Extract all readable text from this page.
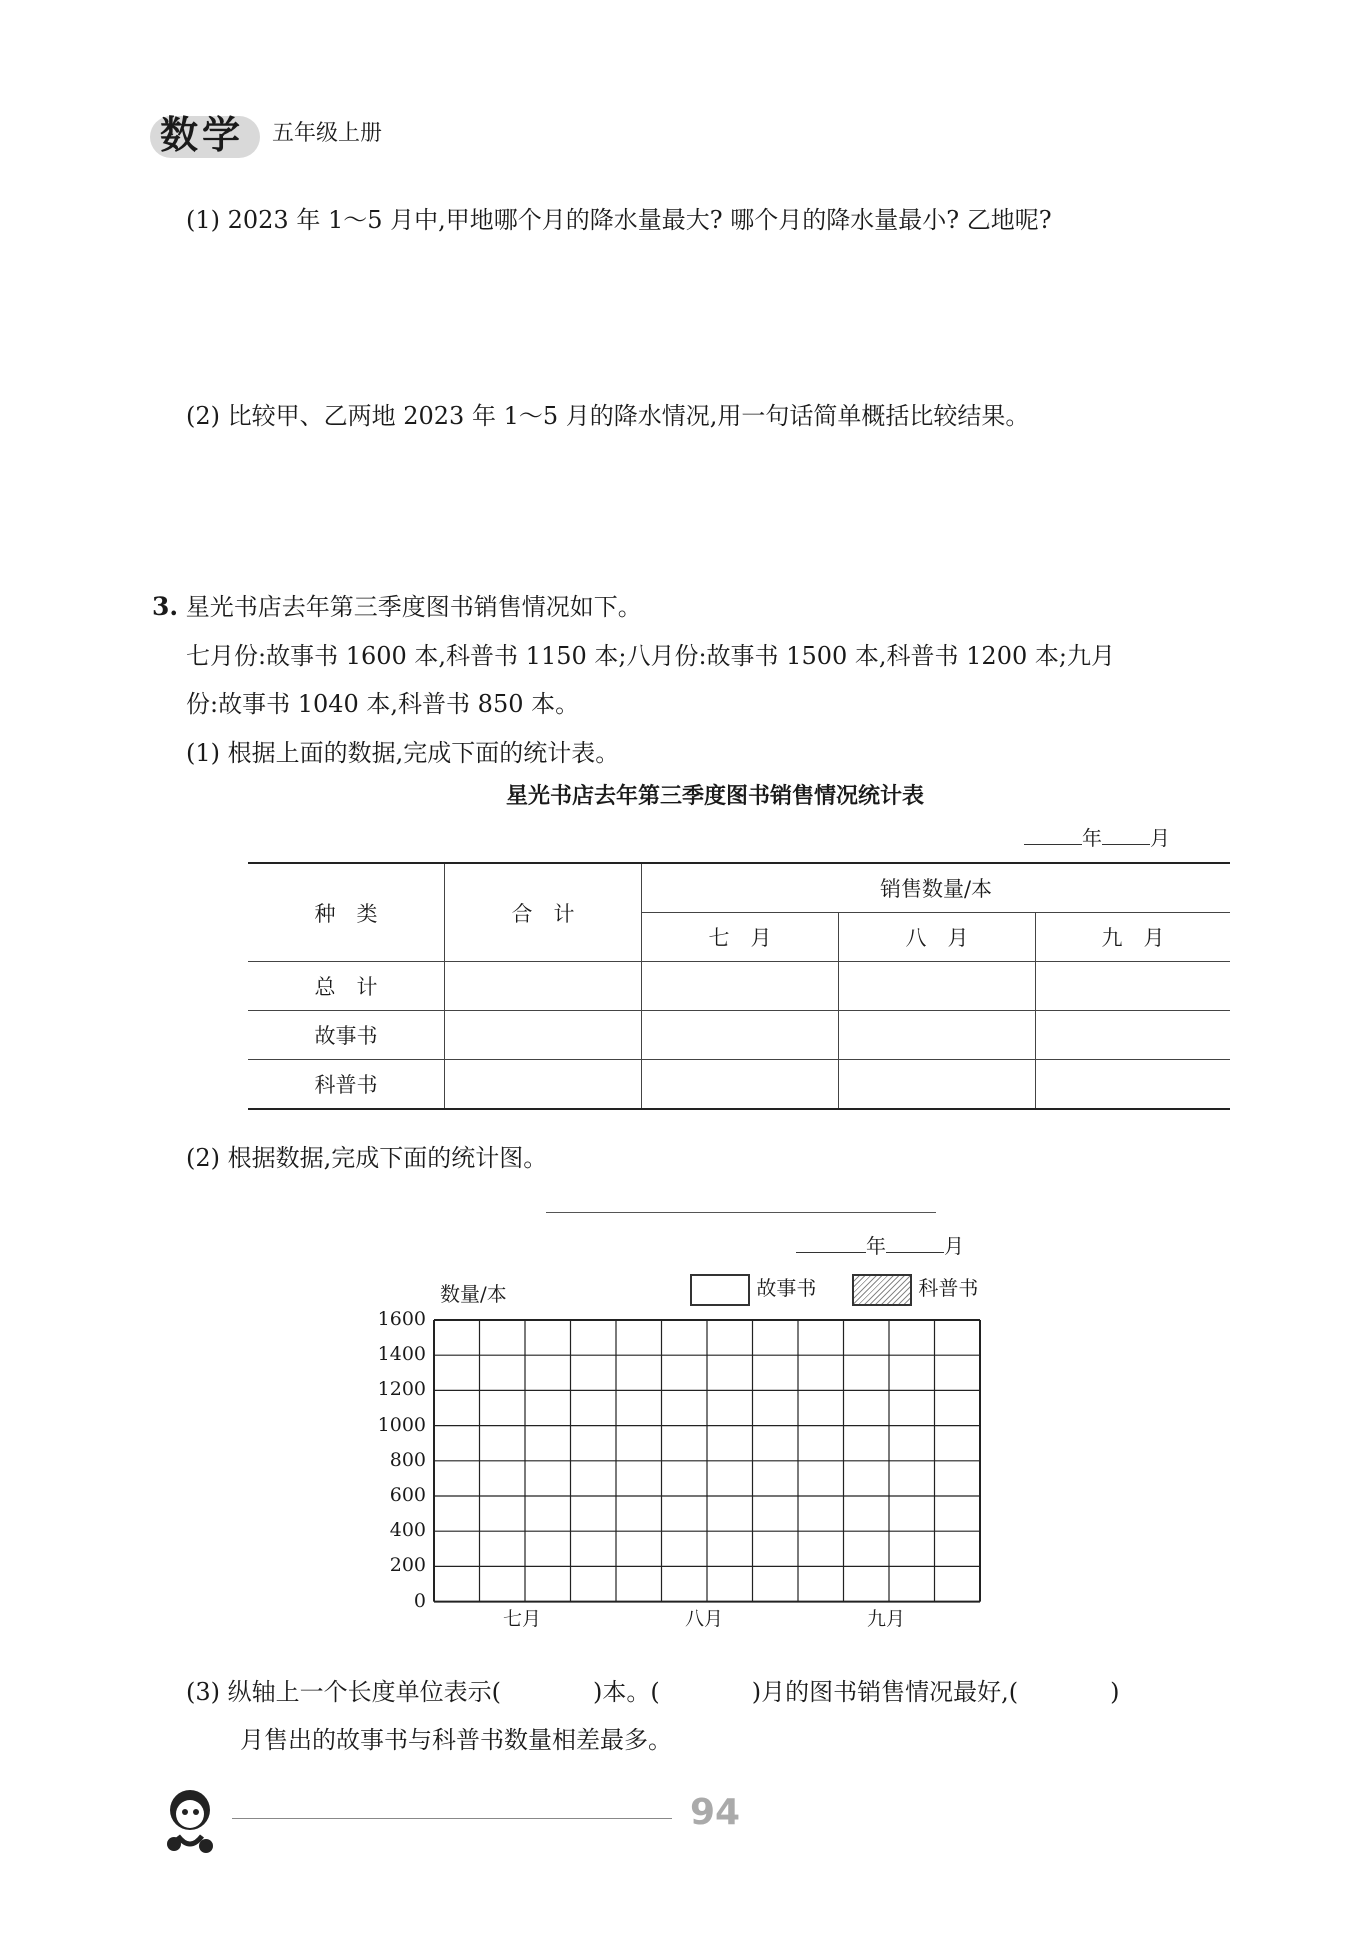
数学 五年级上册
(1) 2023 年 1～5 月中,甲地哪个月的降水量最大? 哪个月的降水量最小? 乙地呢?
(2) 比较甲、乙两地 2023 年 1～5 月的降水情况,用一句话简单概括比较结果。
3. 星光书店去年第三季度图书销售情况如下。
七月份:故事书 1600 本,科普书 1150 本;八月份:故事书 1500 本,科普书 1200 本;九月
份:故事书 1040 本,科普书 850 本。
(1) 根据上面的数据,完成下面的统计表。
星光书店去年第三季度图书销售情况统计表
年 月
种　类	合　计	销售数量/本		
		七　月	八　月	九　月
总　计				
故事书				
科普书				
(2) 根据数据,完成下面的统计图。
年	月
数量/本	故事书	科普书
1600
1400
1200
1000
800
600
400
200
0
七月	八月	九月
(3) 纵轴上一个长度单位表示(	)本。(	)月的图书销售情况最好,(	)
月售出的故事书与科普书数量相差最多。
94
